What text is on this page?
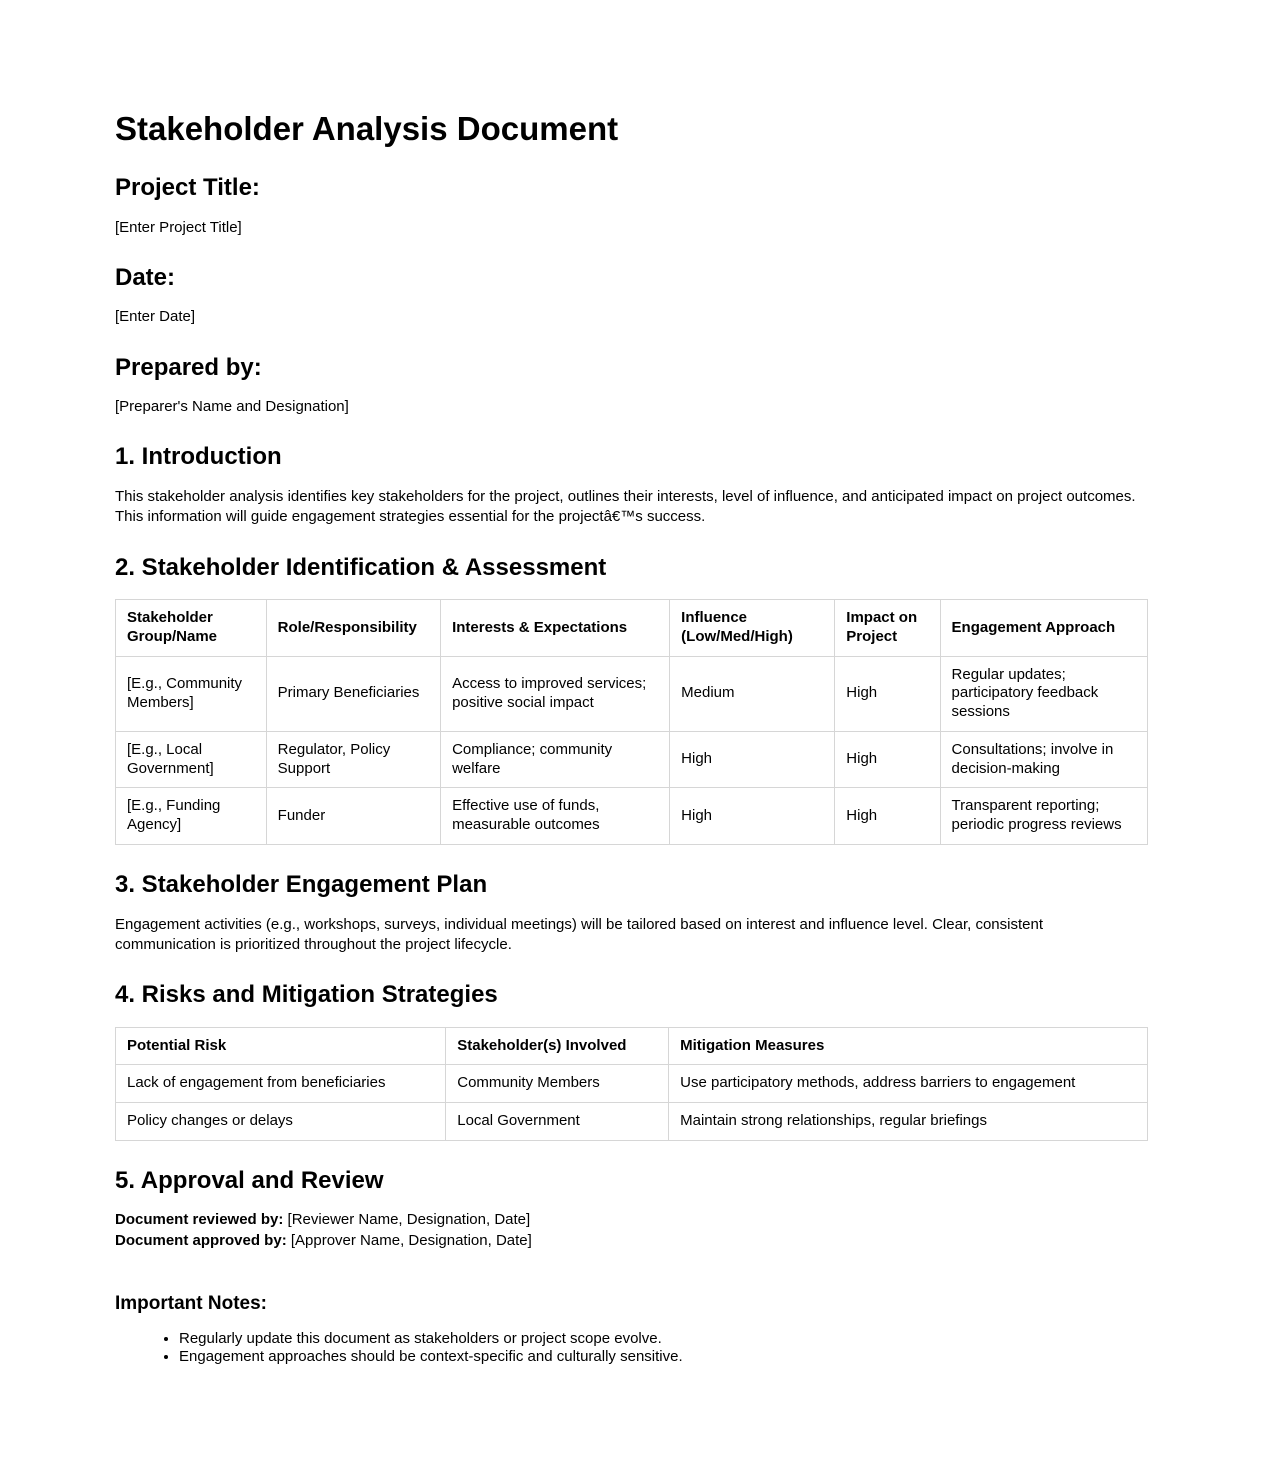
Stakeholder Analysis Document
Project Title:

[Enter Project Title]

Date:

[Enter Date]

Prepared by:

[Preparer's Name and Designation]

1. Introduction

This stakeholder analysis identifies key stakeholders for the project, outlines their interests, level of influence, and anticipated impact on project outcomes. This information will guide engagement strategies essential for the projectâ€™s success.

2. Stakeholder Identification & Assessment
Stakeholder Group/Name	Role/Responsibility	Interests & Expectations	Influence (Low/Med/High)	Impact on Project	Engagement Approach
[E.g., Community Members]	Primary Beneficiaries	Access to improved services; positive social impact	Medium	High	Regular updates; participatory feedback sessions
[E.g., Local Government]	Regulator, Policy Support	Compliance; community welfare	High	High	Consultations; involve in decision-making
[E.g., Funding Agency]	Funder	Effective use of funds, measurable outcomes	High	High	Transparent reporting; periodic progress reviews
3. Stakeholder Engagement Plan

Engagement activities (e.g., workshops, surveys, individual meetings) will be tailored based on interest and influence level. Clear, consistent communication is prioritized throughout the project lifecycle.

4. Risks and Mitigation Strategies
Potential Risk	Stakeholder(s) Involved	Mitigation Measures
Lack of engagement from beneficiaries	Community Members	Use participatory methods, address barriers to engagement
Policy changes or delays	Local Government	Maintain strong relationships, regular briefings
5. Approval and Review
Document reviewed by: [Reviewer Name, Designation, Date]
Document approved by: [Approver Name, Designation, Date]
Important Notes:
• Regularly update this document as stakeholders or project scope evolve.
• Engagement approaches should be context-specific and culturally sensitive.
